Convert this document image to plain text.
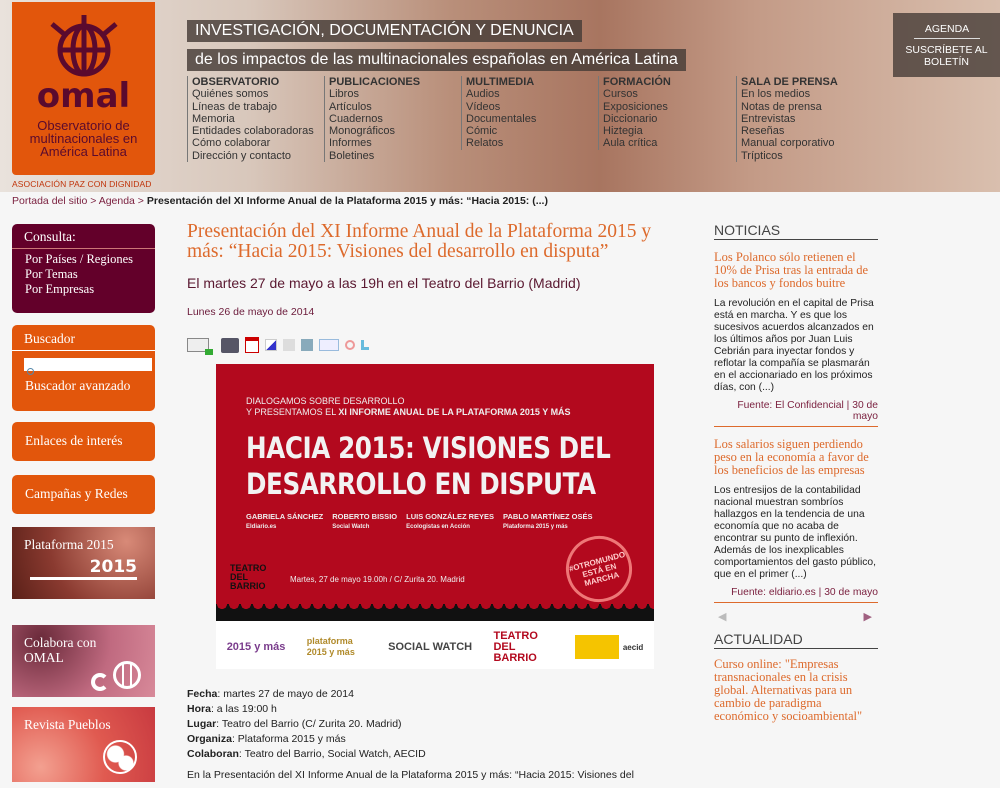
omal
Observatorio de multinacionales en América Latina
ASOCIACIÓN PAZ CON DIGNIDAD
INVESTIGACIÓN, DOCUMENTACIÓN Y DENUNCIA
de los impactos de las multinacionales españolas en América Latina
OBSERVATORIO
Quiénes somos
Líneas de trabajo
Memoria
Entidades colaboradoras
Cómo colaborar
Dirección y contacto
PUBLICACIONES
Libros
Artículos
Cuadernos
Monográficos
Informes
Boletines
MULTIMEDIA
Audios
Vídeos
Documentales
Cómic
Relatos
FORMACIÓN
Cursos
Exposiciones
Diccionario
Hiztegia
Aula crítica
SALA DE PRENSA
En los medios
Notas de prensa
Entrevistas
Reseñas
Manual corporativo
Trípticos
AGENDA
SUSCRÍBETE AL BOLETÍN
Portada del sitio > Agenda > Presentación del XI Informe Anual de la Plataforma 2015 y más: “Hacia 2015: (...)
Consulta:
Por Países / Regiones
Por Temas
Por Empresas
Buscador
Buscador avanzado
Enlaces de interés
Campañas y Redes
Plataforma 2015
2015
Colabora con OMAL
Revista Pueblos
Presentación del XI Informe Anual de la Plataforma 2015 y más: “Hacia 2015: Visiones del desarrollo en disputa”
El martes 27 de mayo a las 19h en el Teatro del Barrio (Madrid)
Lunes 26 de mayo de 2014
DIALOGAMOS SOBRE DESARROLLO
Y PRESENTAMOS EL XI INFORME ANUAL DE LA PLATAFORMA 2015 Y MÁS
HACIA 2015: VISIONES DEL
DESARROLLO EN DISPUTA
GABRIELA SÁNCHEZ
Eldiario.es
ROBERTO BISSIO
Social Watch
LUIS GONZÁLEZ REYES
Ecologistas en Acción
PABLO MARTÍNEZ OSÉS
Plataforma 2015 y más
TEATRO DEL BARRIO
Martes, 27 de mayo 19.00h / C/ Zurita 20. Madrid
#OTROMUNDO ESTÁ EN MARCHA
2015 y más plataforma 2015 y más	SOCIAL WATCH
TEATRO DEL BARRIO
aecid
Fecha: martes 27 de mayo de 2014
Hora: a las 19:00 h
Lugar: Teatro del Barrio (C/ Zurita 20. Madrid)
Organiza: Plataforma 2015 y más
Colaboran: Teatro del Barrio, Social Watch, AECID
En la Presentación del XI Informe Anual de la Plataforma 2015 y más: “Hacia 2015: Visiones del
NOTICIAS
Los Polanco sólo retienen el 10% de Prisa tras la entrada de los bancos y fondos buitre
La revolución en el capital de Prisa está en marcha. Y es que los sucesivos acuerdos alcanzados en los últimos años por Juan Luis Cebrián para inyectar fondos y reflotar la compañía se plasmarán en el accionariado en los próximos días, con (...)
Fuente: El Confidencial | 30 de mayo
Los salarios siguen perdiendo peso en la economía a favor de los beneficios de las empresas
Los entresijos de la contabilidad nacional muestran sombríos hallazgos en la tendencia de una economía que no acaba de encontrar su punto de inflexión. Además de los inexplicables comportamientos del gasto público, que en el primer (...)
Fuente: eldiario.es | 30 de mayo
◀	▶
ACTUALIDAD
Curso online: "Empresas transnacionales en la crisis global. Alternativas para un cambio de paradigma económico y socioambiental"
